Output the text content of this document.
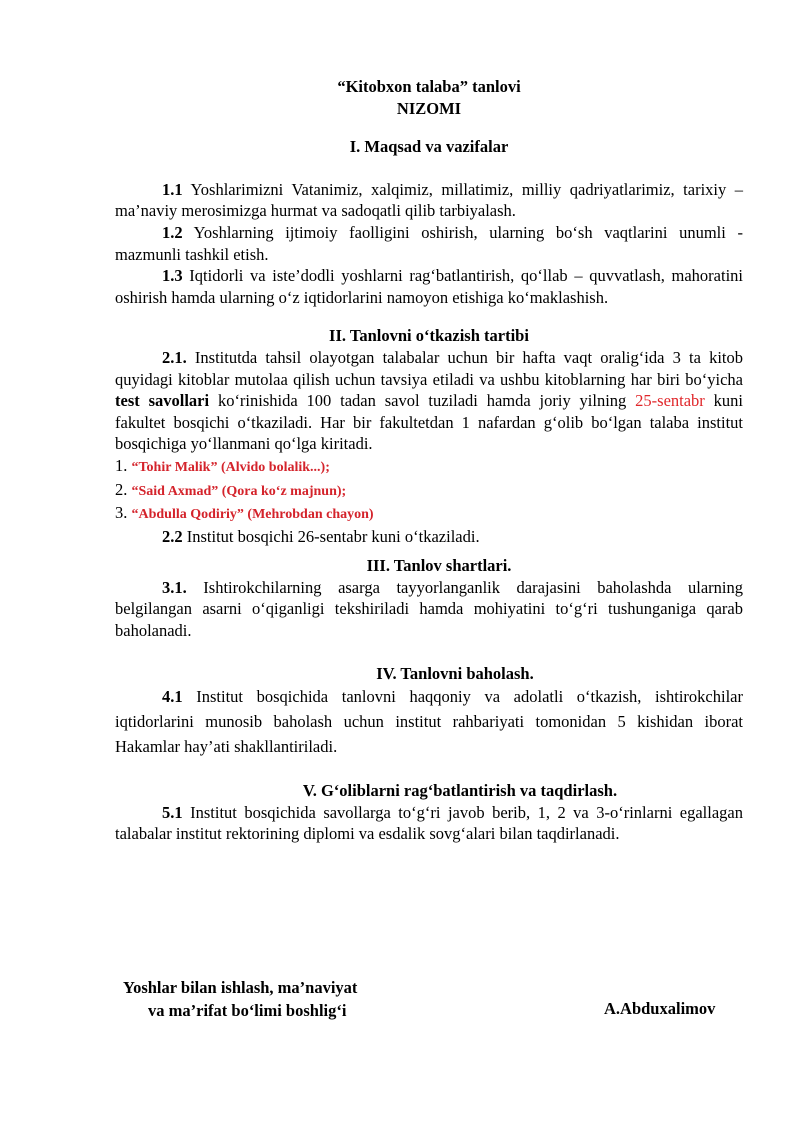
“Kitobxon talaba” tanlovi
NIZOMI
I. Maqsad va vazifalar

1.1 Yoshlarimizni Vatanimiz, xalqimiz, millatimiz, milliy qadriyatlarimiz, tarixiy – ma’naviy merosimizga hurmat va sadoqatli qilib tarbiyalash.

1.2 Yoshlarning ijtimoiy faolligini oshirish, ularning bo‘sh vaqtlarini unumli - mazmunli tashkil etish.

1.3 Iqtidorli va iste’dodli yoshlarni rag‘batlantirish, qo‘llab – quvvatlash, mahoratini oshirish hamda ularning o‘z iqtidorlarini namoyon etishiga ko‘maklashish.

II. Tanlovni o‘tkazish tartibi

2.1. Institutda tahsil olayotgan talabalar uchun bir hafta vaqt oralig‘ida 3 ta kitob quyidagi kitoblar mutolaa qilish uchun tavsiya etiladi va ushbu kitoblarning har biri bo‘yicha test savollari ko‘rinishida 100 tadan savol tuziladi hamda joriy yilning 25-sentabr kuni fakultet bosqichi o‘tkaziladi. Har bir fakultetdan 1 nafardan g‘olib bo‘lgan talaba institut bosqichiga yo‘llanmani qo‘lga kiritadi.

1. “Tohir Malik” (Alvido bolalik...);
2. “Said Axmad” (Qora ko‘z majnun);
3. “Abdulla Qodiriy” (Mehrobdan chayon)

2.2 Institut bosqichi 26-sentabr kuni o‘tkaziladi.

III. Tanlov shartlari.

3.1. Ishtirokchilarning asarga tayyorlanganlik darajasini baholashda ularning belgilangan asarni o‘qiganligi tekshiriladi hamda mohiyatini to‘g‘ri tushunganiga qarab baholanadi.

IV. Tanlovni baholash.

4.1 Institut bosqichida tanlovni haqqoniy va adolatli o‘tkazish, ishtirokchilar iqtidorlarini munosib baholash uchun institut rahbariyati tomonidan 5 kishidan iborat Hakamlar hay’ati shakllantiriladi.

V. G‘oliblarni rag‘batlantirish va taqdirlash.

5.1 Institut bosqichida savollarga to‘g‘ri javob berib, 1, 2 va 3-o‘rinlarni egallagan talabalar institut rektorining diplomi va esdalik sovg‘alari bilan taqdirlanadi.

Yoshlar bilan ishlash, ma’naviyat
va ma’rifat bo‘limi boshlig‘i	A.Abduxalimov
